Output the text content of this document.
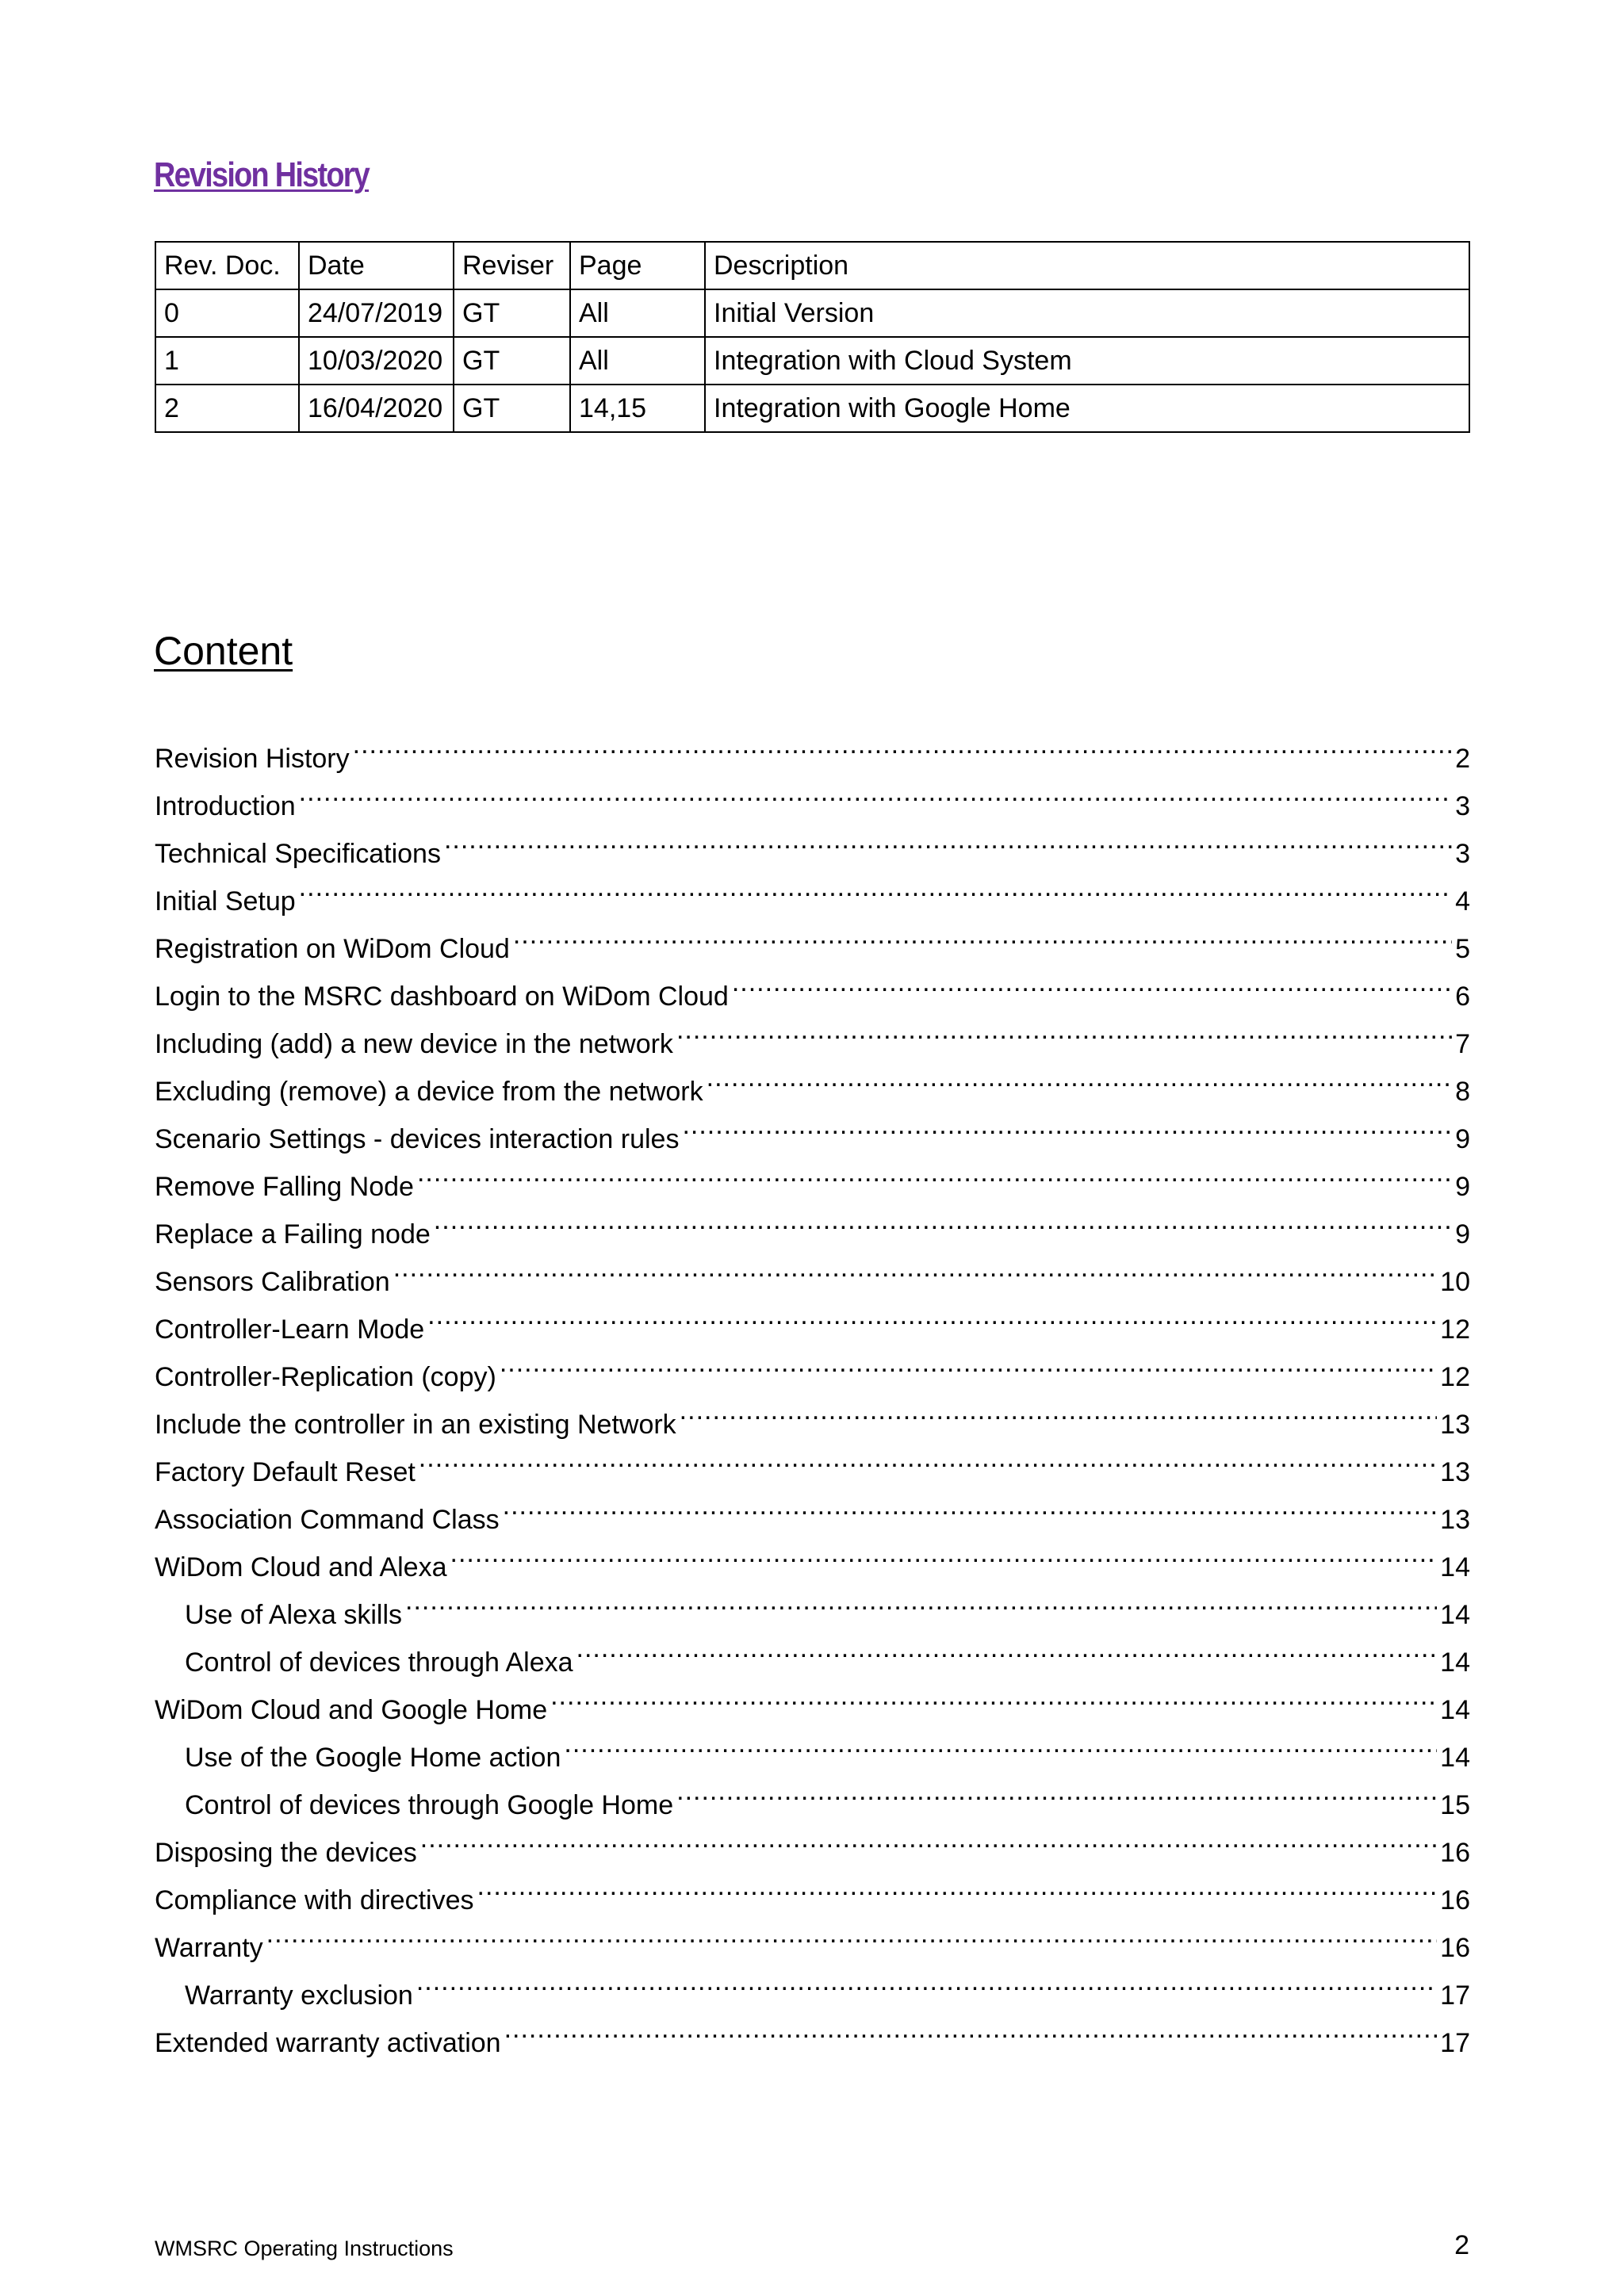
Revision History
Rev. Doc.	Date	Reviser	Page	Description
0	24/07/2019	GT	All	Initial Version
1	10/03/2020	GT	All	Integration with Cloud System
2	16/04/2020	GT	14,15	Integration with Google Home
Content
Revision History .....	2
Introduction .....	3
Technical Specifications .....	3
Initial Setup .....	4
Registration on WiDom Cloud .....	5
Login to the MSRC dashboard on WiDom Cloud .....	6
Including (add) a new device in the network .....	7
Excluding (remove) a device from the network .....	8
Scenario Settings - devices interaction rules .....	9
Remove Falling Node .....	9
Replace a Failing node .....	9
Sensors Calibration .....	10
Controller-Learn Mode .....	12
Controller-Replication (copy) .....	12
Include the controller in an existing Network .....	13
Factory Default Reset .....	13
Association Command Class .....	13
WiDom Cloud and Alexa .....	14
Use of Alexa skills .....	14
Control of devices through Alexa .....	14
WiDom Cloud and Google Home .....	14
Use of the Google Home action .....	14
Control of devices through Google Home .....	15
Disposing the devices .....	16
Compliance with directives .....	16
Warranty .....	16
Warranty exclusion .....	17
Extended warranty activation .....	17
WMSRC Operating Instructions	2
